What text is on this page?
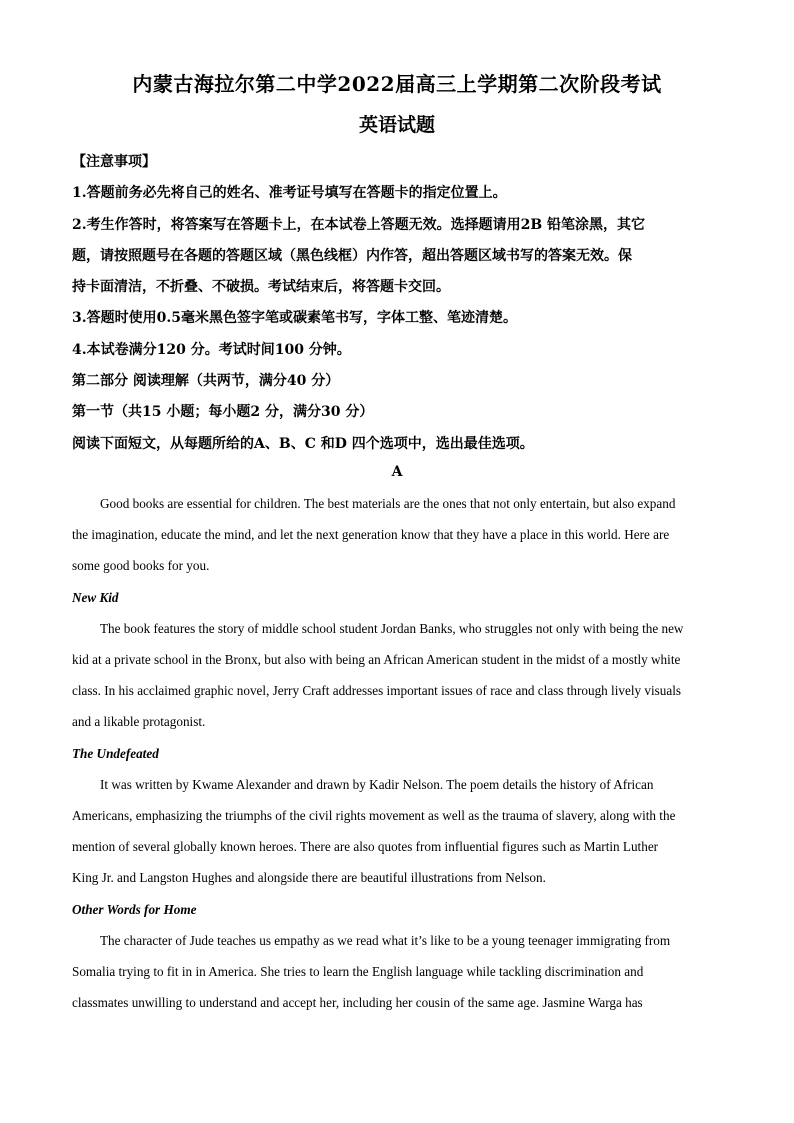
内蒙古海拉尔第二中学2022届高三上学期第二次阶段考试
英语试题
【注意事项】
1.答题前务必先将自己的姓名、准考证号填写在答题卡的指定位置上。
2.考生作答时，将答案写在答题卡上，在本试卷上答题无效。选择题请用2B 铅笔涂黑，其它
题，请按照题号在各题的答题区域（黑色线框）内作答，超出答题区域书写的答案无效。保
持卡面清洁，不折叠、不破损。考试结束后，将答题卡交回。
3.答题时使用0.5毫米黑色签字笔或碳素笔书写，字体工整、笔迹清楚。
4.本试卷满分120 分。考试时间100 分钟。
第二部分 阅读理解（共两节，满分40 分）
第一节（共15 小题；每小题2 分，满分30 分）
阅读下面短文，从每题所给的A、B、C 和D 四个选项中，选出最佳选项。
A
Good books are essential for children. The best materials are the ones that not only entertain, but also expand
the imagination, educate the mind, and let the next generation know that they have a place in this world. Here are
some good books for you.
New Kid
The book features the story of middle school student Jordan Banks, who struggles not only with being the new
kid at a private school in the Bronx, but also with being an African American student in the midst of a mostly white
class. In his acclaimed graphic novel, Jerry Craft addresses important issues of race and class through lively visuals
and a likable protagonist.
The Undefeated
It was written by Kwame Alexander and drawn by Kadir Nelson. The poem details the history of African
Americans, emphasizing the triumphs of the civil rights movement as well as the trauma of slavery, along with the
mention of several globally known heroes. There are also quotes from influential figures such as Martin Luther
King Jr. and Langston Hughes and alongside there are beautiful illustrations from Nelson.
Other Words for Home
The character of Jude teaches us empathy as we read what it’s like to be a young teenager immigrating from
Somalia trying to fit in in America. She tries to learn the English language while tackling discrimination and
classmates unwilling to understand and accept her, including her cousin of the same age. Jasmine Warga has
